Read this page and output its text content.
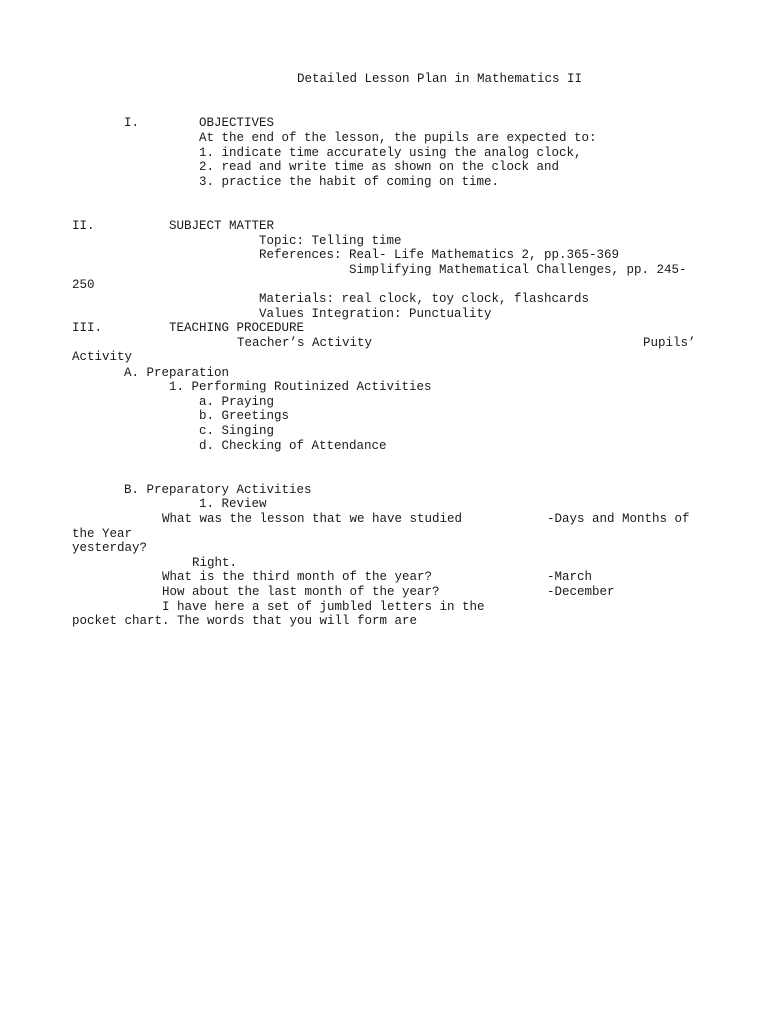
Detailed Lesson Plan in Mathematics II
I.	OBJECTIVES
At the end of the lesson, the pupils are expected to:
1. indicate time accurately using the analog clock,
2. read and write time as shown on the clock and
3. practice the habit of coming on time.
II.	SUBJECT MATTER
Topic: Telling time
References: Real- Life Mathematics 2, pp.365-369
Simplifying Mathematical Challenges, pp. 245-
250
Materials: real clock, toy clock, flashcards
Values Integration: Punctuality
III.	TEACHING PROCEDURE
Teacher’s Activity	Pupils’
Activity
A. Preparation
1. Performing Routinized Activities
a. Praying
b. Greetings
c. Singing
d. Checking of Attendance
B. Preparatory Activities
1. Review
What was the lesson that we have studied	-Days and Months of
the Year
yesterday?
Right.
What is the third month of the year?	-March
How about the last month of the year?	-December
I have here a set of jumbled letters in the
pocket chart. The words that you will form are
